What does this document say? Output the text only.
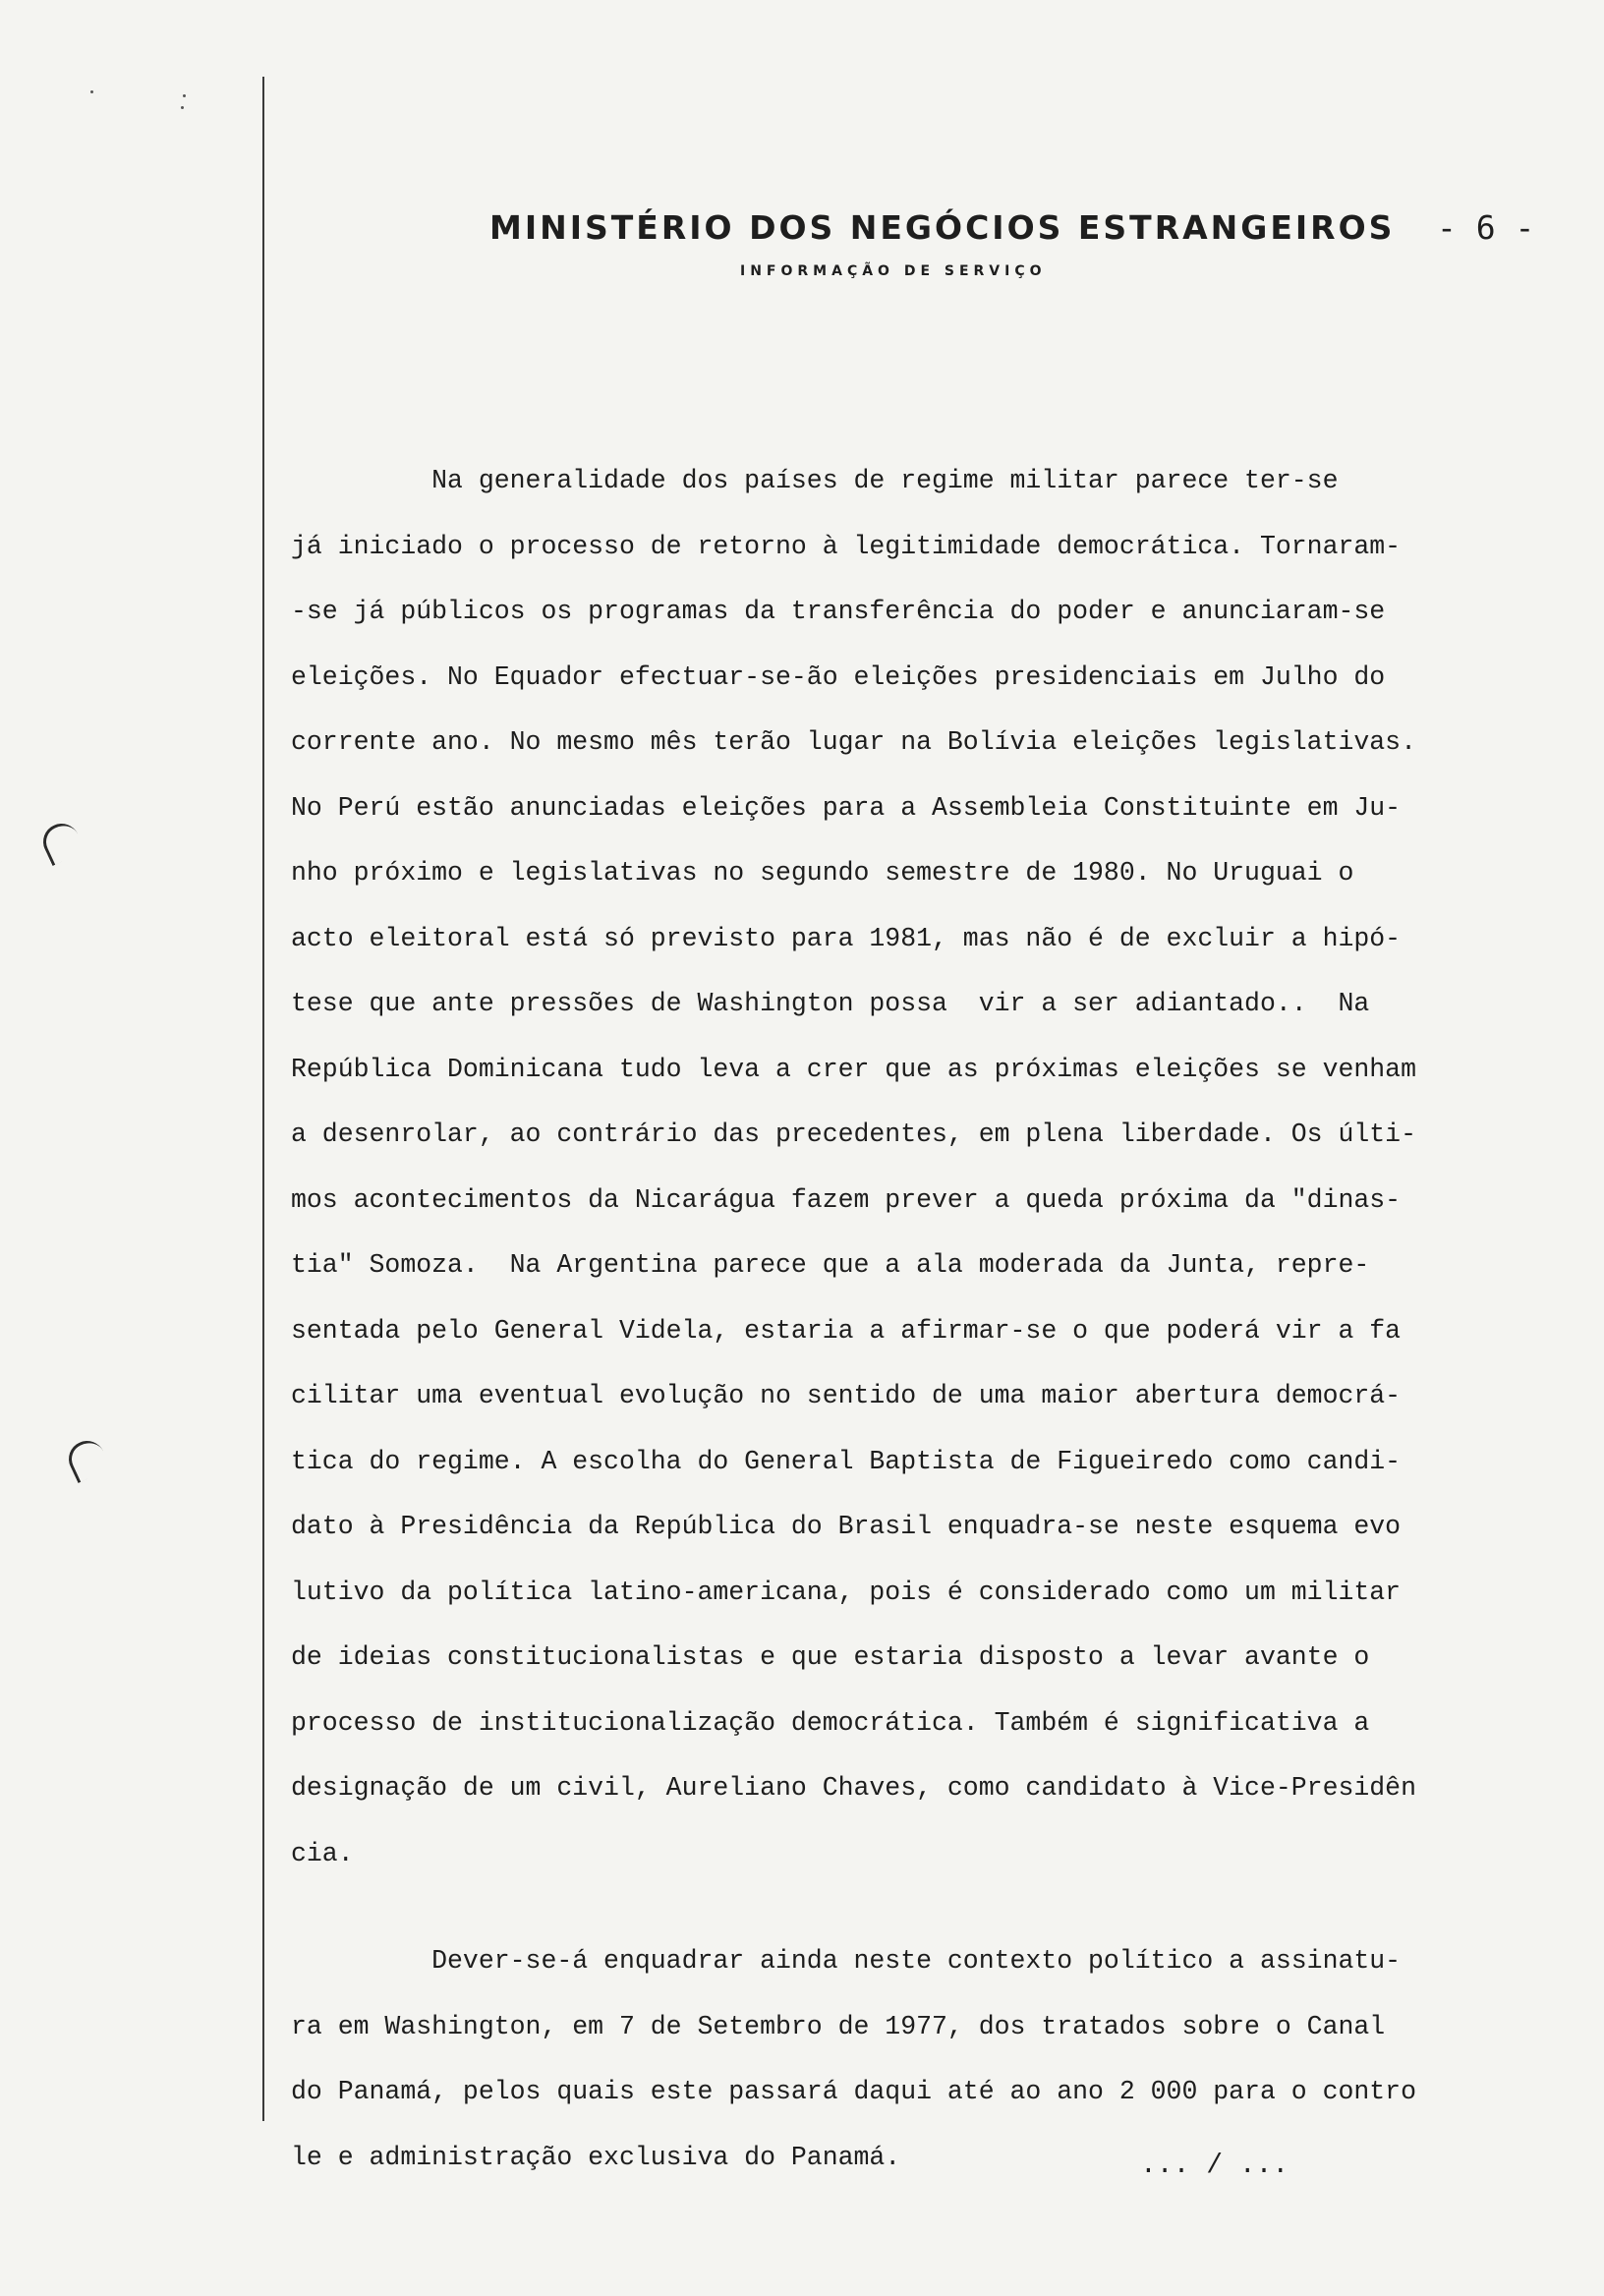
MINISTÉRIO DOS NEGÓCIOS ESTRANGEIROS - 6 -
INFORMAÇÃO DE SERVIÇO
Na generalidade dos países de regime militar parece ter-se
já iniciado o processo de retorno à legitimidade democrática. Tornaram-
-se já públicos os programas da transferência do poder e anunciaram-se
eleições. No Equador efectuar-se-ão eleições presidenciais em Julho do
corrente ano. No mesmo mês terão lugar na Bolívia eleições legislativas.
No Perú estão anunciadas eleições para a Assembleia Constituinte em Ju-
nho próximo e legislativas no segundo semestre de 1980. No Uruguai o
acto eleitoral está só previsto para 1981, mas não é de excluir a hipó-
tese que ante pressões de Washington possa  vir a ser adiantado..  Na
República Dominicana tudo leva a crer que as próximas eleições se venham
a desenrolar, ao contrário das precedentes, em plena liberdade. Os últi-
mos acontecimentos da Nicarágua fazem prever a queda próxima da "dinas-
tia" Somoza.  Na Argentina parece que a ala moderada da Junta, repre-
sentada pelo General Videla, estaria a afirmar-se o que poderá vir a fa
cilitar uma eventual evolução no sentido de uma maior abertura democrá-
tica do regime. A escolha do General Baptista de Figueiredo como candi-
dato à Presidência da República do Brasil enquadra-se neste esquema evo
lutivo da política latino-americana, pois é considerado como um militar
de ideias constitucionalistas e que estaria disposto a levar avante o
processo de institucionalização democrática. Também é significativa a
designação de um civil, Aureliano Chaves, como candidato à Vice-Presidên
cia.
Dever-se-á enquadrar ainda neste contexto político a assinatu-
ra em Washington, em 7 de Setembro de 1977, dos tratados sobre o Canal
do Panamá, pelos quais este passará daqui até ao ano 2 000 para o contro
le e administração exclusiva do Panamá.	... / ...
